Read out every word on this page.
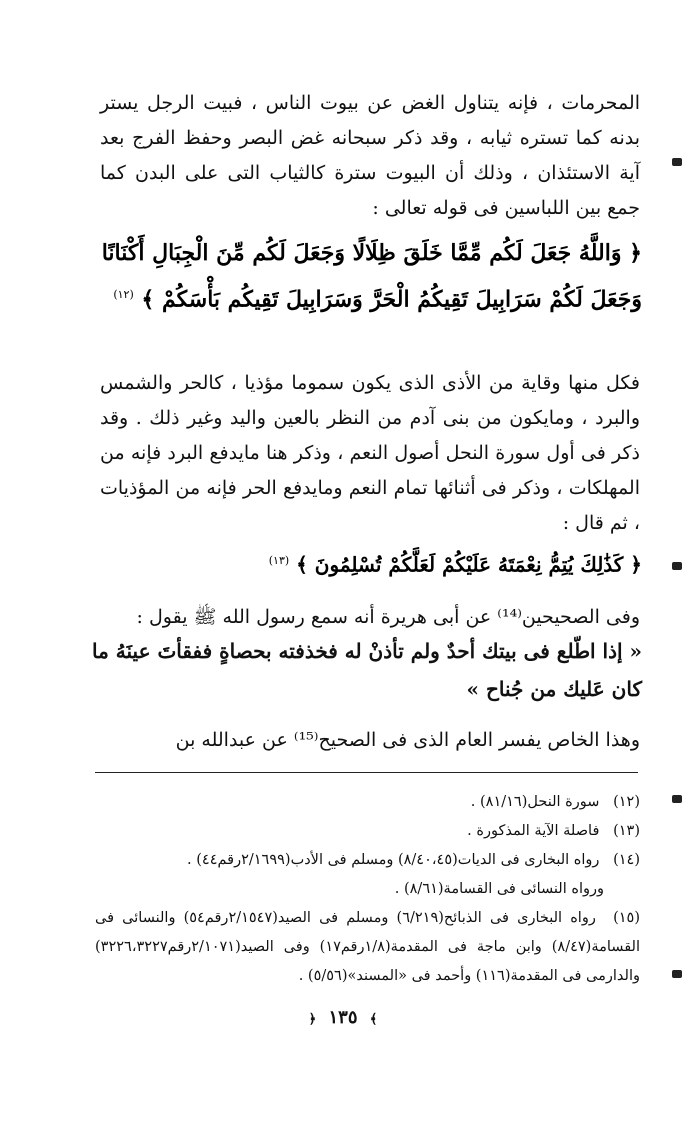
المحرمات ، فإنه يتناول الغض عن بيوت الناس ، فبيت الرجل يستر بدنه كما تستره ثيابه ، وقد ذكر سبحانه غض البصر وحفظ الفرج بعد آية الاستئذان ، وذلك أن البيوت سترة كالثياب التى على البدن كما جمع بين اللباسين فى قوله تعالى :
﴿ وَاللَّهُ جَعَلَ لَكُم مِّمَّا خَلَقَ ظِلَالًا وَجَعَلَ لَكُم مِّنَ الْجِبَالِ أَكْنَانًا وَجَعَلَ لَكُمْ سَرَابِيلَ تَقِيكُمُ الْحَرَّ وَسَرَابِيلَ تَقِيكُم بَأْسَكُمْ ﴾ $^{(١٢)}$
فكل منها وقاية من الأذى الذى يكون سموما مؤذيا ، كالحر والشمس والبرد ، ومايكون من بنى آدم من النظر بالعين واليد وغير ذلك . وقد ذكر فى أول سورة النحل أصول النعم ، وذكر هنا مايدفع البرد فإنه من المهلكات ، وذكر فى أثنائها تمام النعم ومايدفع الحر فإنه من المؤذيات ، ثم قال :
﴿ كَذَٰلِكَ يُتِمُّ نِعْمَتَهُ عَلَيْكُمْ لَعَلَّكُمْ تُسْلِمُونَ ﴾ $^{(١٣)}$
وفى الصحيحين⁽¹⁴⁾ عن أبى هريرة أنه سمع رسول الله ﷺ يقول :
« إذا اطّلع فى بيتك أحدٌ ولم تأذنْ له فخذفته بحصاةٍ ففقأتَ عينَهُ ما كان عَليك من جُناح »
وهذا الخاص يفسر العام الذى فى الصحيح⁽¹⁵⁾ عن عبدالله بن
(١٢) سورة النحل(٨١/١٦) .
(١٣) فاصلة الآية المذكورة .
(١٤) رواه البخارى فى الديات(٨/٤٠،٤٥) ومسلم فى الأدب(٢/١٦٩٩رقم٤٤) .
ورواه النسائى فى القسامة(٨/٦١) .
(١٥) رواه البخارى فى الذبائح(٦/٢١٩) ومسلم فى الصيد(٢/١٥٤٧رقم٥٤) والنسائى فى القسامة(٨/٤٧) وابن ماجة فى المقدمة(١/٨رقم١٧) وفى الصيد(٢/١٠٧١رقم٣٢٢٦،٣٢٢٧) والدارمى فى المقدمة(١١٦) وأحمد فى «المسند»(٥/٥٦) .
﴾ ١٣٥ ﴿
